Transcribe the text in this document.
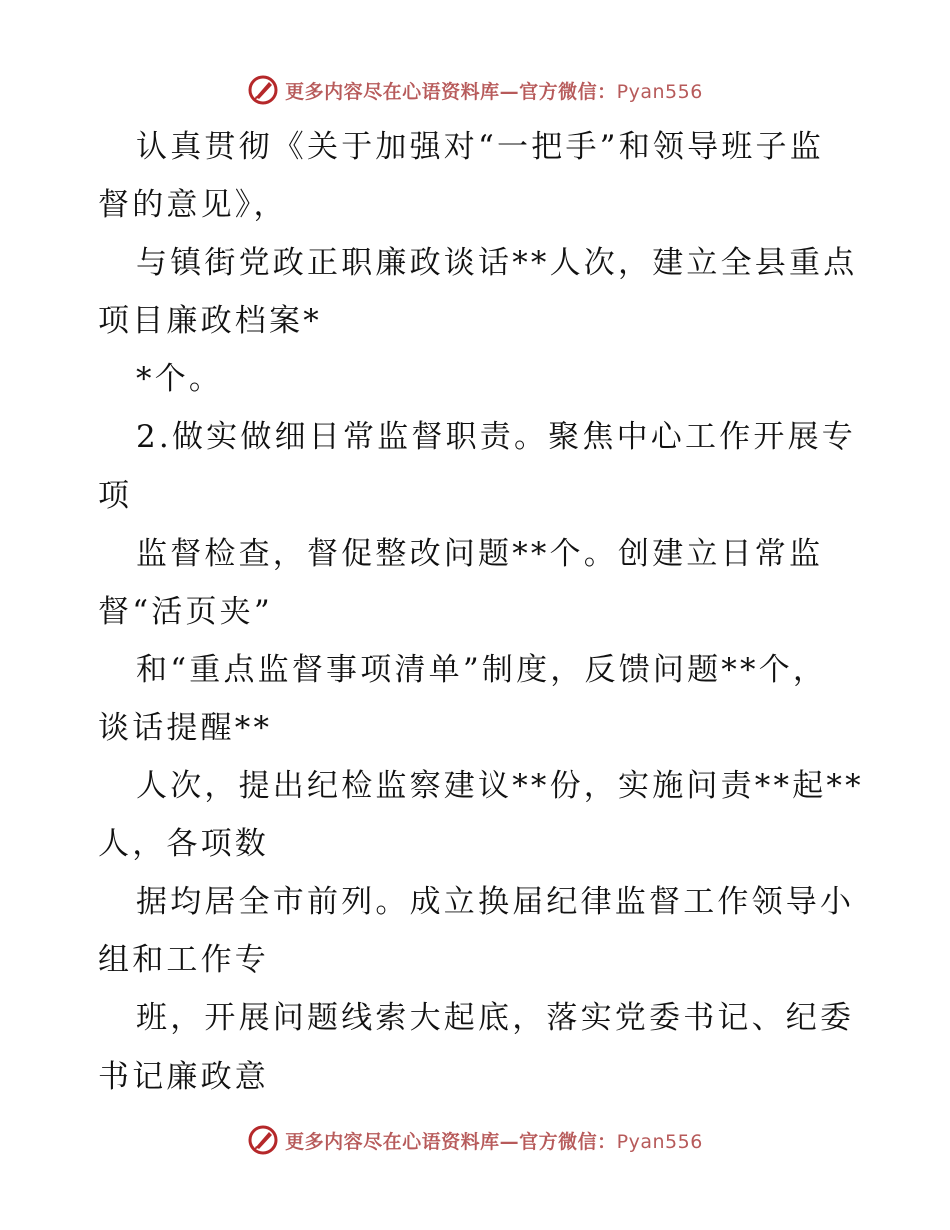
更多内容尽在心语资料库—官方微信：Pyan556
认真贯彻《关于加强对“一把手”和领导班子监
督的意见》，
与镇街党政正职廉政谈话**人次，建立全县重点
项目廉政档案*
*个。
2.做实做细日常监督职责。聚焦中心工作开展专
项
监督检查，督促整改问题**个。创建立日常监
督“活页夹”
和“重点监督事项清单”制度，反馈问题**个，
谈话提醒**
人次，提出纪检监察建议**份，实施问责**起**
人，各项数
据均居全市前列。成立换届纪律监督工作领导小
组和工作专
班，开展问题线索大起底，落实党委书记、纪委
书记廉政意
更多内容尽在心语资料库—官方微信：Pyan556
